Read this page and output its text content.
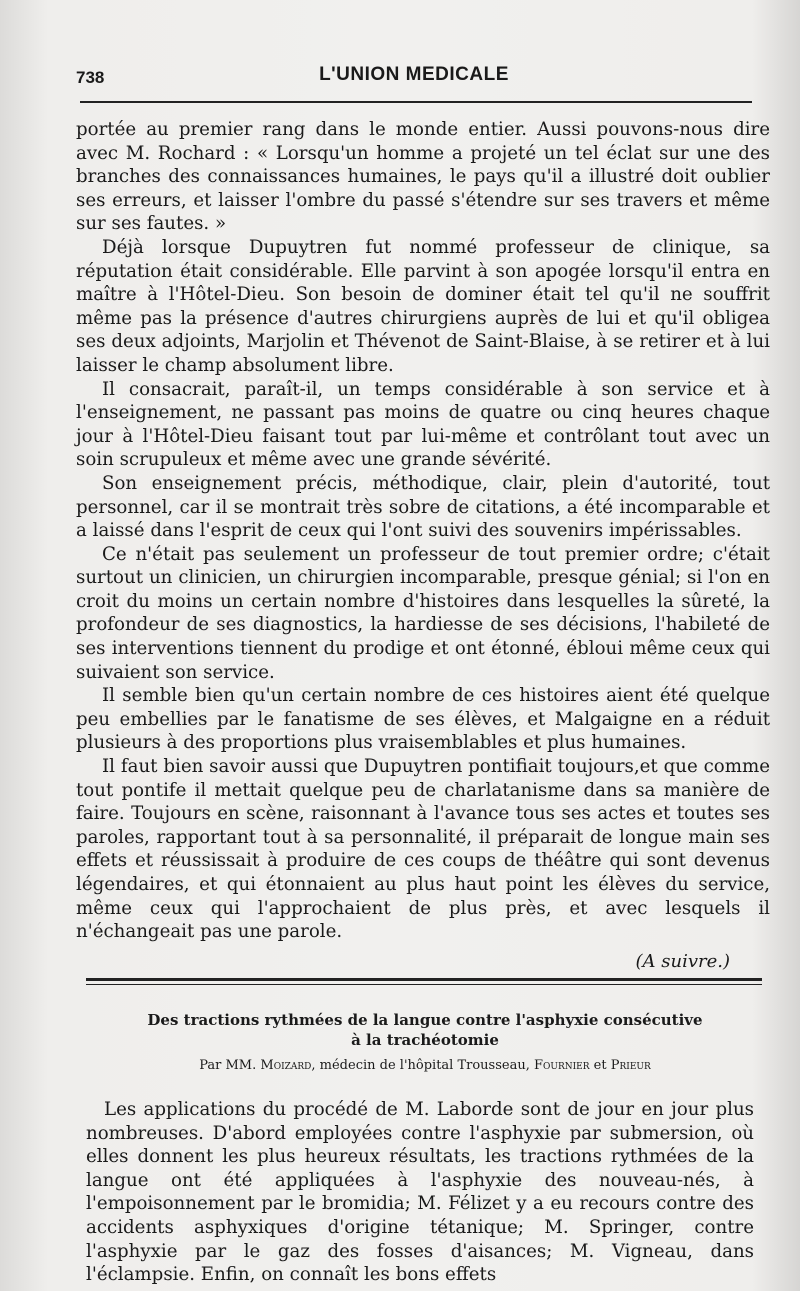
738	L'UNION MEDICALE

portée au premier rang dans le monde entier. Aussi pouvons-nous dire avec M. Rochard : « Lorsqu'un homme a projeté un tel éclat sur une des branches des connaissances humaines, le pays qu'il a illustré doit oublier ses erreurs, et laisser l'ombre du passé s'étendre sur ses travers et même sur ses fautes. »

Déjà lorsque Dupuytren fut nommé professeur de clinique, sa réputation était considérable. Elle parvint à son apogée lorsqu'il entra en maître à l'Hôtel-Dieu. Son besoin de dominer était tel qu'il ne souffrit même pas la présence d'autres chirurgiens auprès de lui et qu'il obligea ses deux adjoints, Marjolin et Thévenot de Saint-Blaise, à se retirer et à lui laisser le champ absolument libre.

Il consacrait, paraît-il, un temps considérable à son service et à l'enseignement, ne passant pas moins de quatre ou cinq heures chaque jour à l'Hôtel-Dieu faisant tout par lui-même et contrôlant tout avec un soin scrupuleux et même avec une grande sévérité.

Son enseignement précis, méthodique, clair, plein d'autorité, tout personnel, car il se montrait très sobre de citations, a été incomparable et a laissé dans l'esprit de ceux qui l'ont suivi des souvenirs impérissables.

Ce n'était pas seulement un professeur de tout premier ordre; c'était surtout un clinicien, un chirurgien incomparable, presque génial; si l'on en croit du moins un certain nombre d'histoires dans lesquelles la sûreté, la profondeur de ses diagnostics, la hardiesse de ses décisions, l'habileté de ses interventions tiennent du prodige et ont étonné, ébloui même ceux qui suivaient son service.

Il semble bien qu'un certain nombre de ces histoires aient été quelque peu embellies par le fanatisme de ses élèves, et Malgaigne en a réduit plusieurs à des proportions plus vraisemblables et plus humaines.

Il faut bien savoir aussi que Dupuytren pontifiait toujours,et que comme tout pontife il mettait quelque peu de charlatanisme dans sa manière de faire. Toujours en scène, raisonnant à l'avance tous ses actes et toutes ses paroles, rapportant tout à sa personnalité, il préparait de longue main ses effets et réussissait à produire de ces coups de théâtre qui sont devenus légendaires, et qui étonnaient au plus haut point les élèves du service, même ceux qui l'approchaient de plus près, et avec lesquels il n'échangeait pas une parole.

(A suivre.)
Des tractions rythmées de la langue contre l'asphyxie consécutive
à la trachéotomie
Par MM. Moizard, médecin de l'hôpital Trousseau, Fournier et Prieur

Les applications du procédé de M. Laborde sont de jour en jour plus nombreuses. D'abord employées contre l'asphyxie par submersion, où elles donnent les plus heureux résultats, les tractions rythmées de la langue ont été appliquées à l'asphyxie des nouveau-nés, à l'empoisonnement par le bromidia; M. Félizet y a eu recours contre des accidents asphyxiques d'origine tétanique; M. Springer, contre l'asphyxie par le gaz des fosses d'aisances; M. Vigneau, dans l'éclampsie. Enfin, on connaît les bons effets
